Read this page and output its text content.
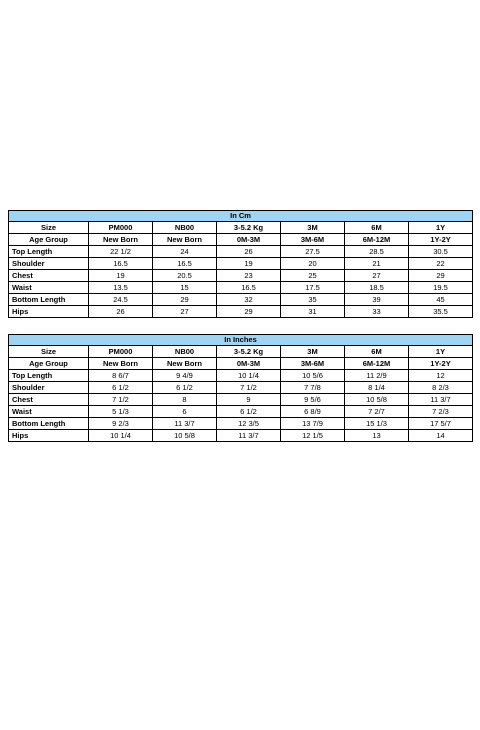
In Cm						
Size	PM000	NB00	3-5.2 Kg	3M	6M	1Y
Age Group	New Born	New Born	0M-3M	3M-6M	6M-12M	1Y-2Y
Top Length	22 1/2	24	26	27.5	28.5	30.5
Shoulder	16.5	16.5	19	20	21	22
Chest	19	20.5	23	25	27	29
Waist	13.5	15	16.5	17.5	18.5	19.5
Bottom Length	24.5	29	32	35	39	45
Hips	26	27	29	31	33	35.5
In Inches						
Size	PM000	NB00	3-5.2 Kg	3M	6M	1Y
Age Group	New Born	New Born	0M-3M	3M-6M	6M-12M	1Y-2Y
Top Length	8 6/7	9 4/9	10 1/4	10 5/6	11 2/9	12
Shoulder	6 1/2	6 1/2	7 1/2	7 7/8	8 1/4	8 2/3
Chest	7 1/2	8	9	9 5/6	10 5/8	11 3/7
Waist	5 1/3	6	6 1/2	6 8/9	7 2/7	7 2/3
Bottom Length	9 2/3	11 3/7	12 3/5	13 7/9	15 1/3	17 5/7
Hips	10 1/4	10 5/8	11 3/7	12 1/5	13	14
